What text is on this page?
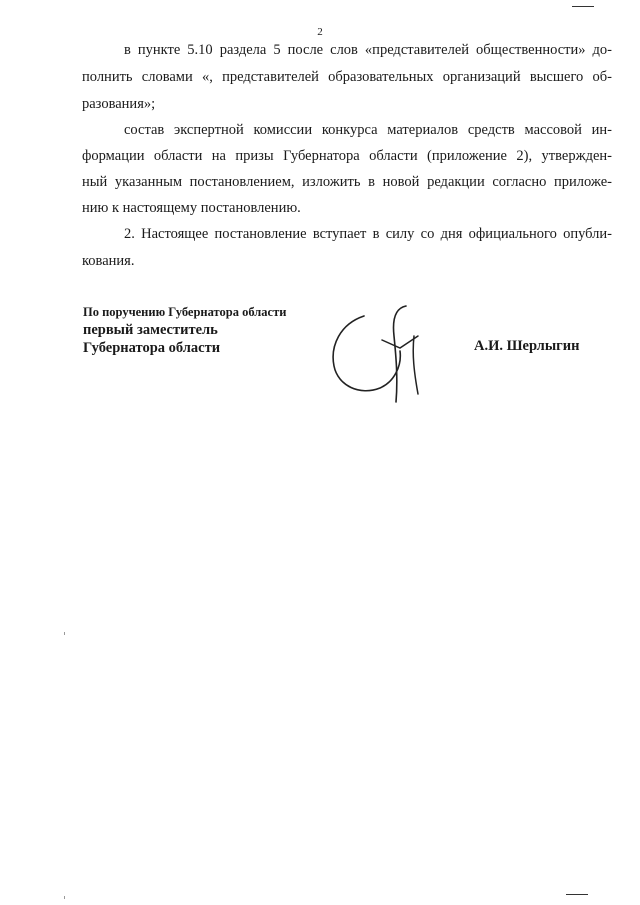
2
в пункте 5.10 раздела 5 после слов «представителей общественности» до-
полнить словами «, представителей образовательных организаций высшего об-
разования»;
состав экспертной комиссии конкурса материалов средств массовой ин-
формации области на призы Губернатора области (приложение 2), утвержден-
ный указанным постановлением, изложить в новой редакции согласно приложе-
нию к настоящему постановлению.
2. Настоящее постановление вступает в силу со дня официального опубли-
кования.
По поручению Губернатора области
первый заместитель
Губернатора области	А.И. Шерлыгин
